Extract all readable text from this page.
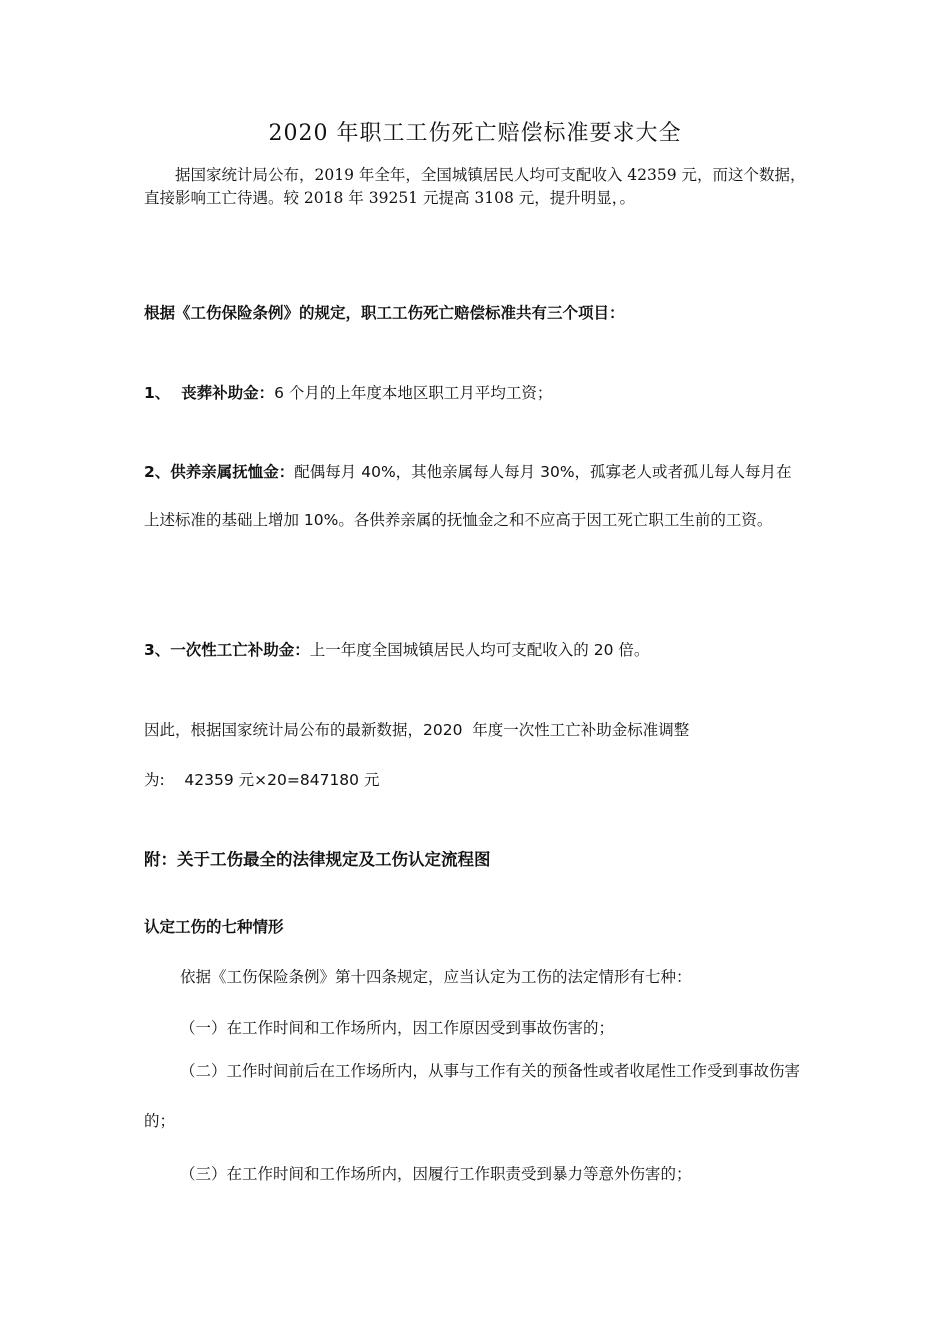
2020 年职工工伤死亡赔偿标准要求大全
据国家统计局公布，2019 年全年，全国城镇居民人均可支配收入 42359 元，而这个数据，直接影响工亡待遇。较 2018 年 39251 元提高 3108 元，提升明显，。
根据《工伤保险条例》的规定，职工工伤死亡赔偿标准共有三个项目：
1、  丧葬补助金：6 个月的上年度本地区职工月平均工资；
2、供养亲属抚恤金：配偶每月 40%，其他亲属每人每月 30%，孤寡老人或者孤儿每人每月在上述标准的基础上增加 10%。各供养亲属的抚恤金之和不应高于因工死亡职工生前的工资。
3、一次性工亡补助金：上一年度全国城镇居民人均可支配收入的 20 倍。
因此，根据国家统计局公布的最新数据，2020  年度一次性工亡补助金标准调整
为:    42359 元×20=847180 元
附：关于工伤最全的法律规定及工伤认定流程图
认定工伤的七种情形
依据《工伤保险条例》第十四条规定，应当认定为工伤的法定情形有七种：
（一）在工作时间和工作场所内，因工作原因受到事故伤害的；
（二）工作时间前后在工作场所内，从事与工作有关的预备性或者收尾性工作受到事故伤害的；
（三）在工作时间和工作场所内，因履行工作职责受到暴力等意外伤害的；
